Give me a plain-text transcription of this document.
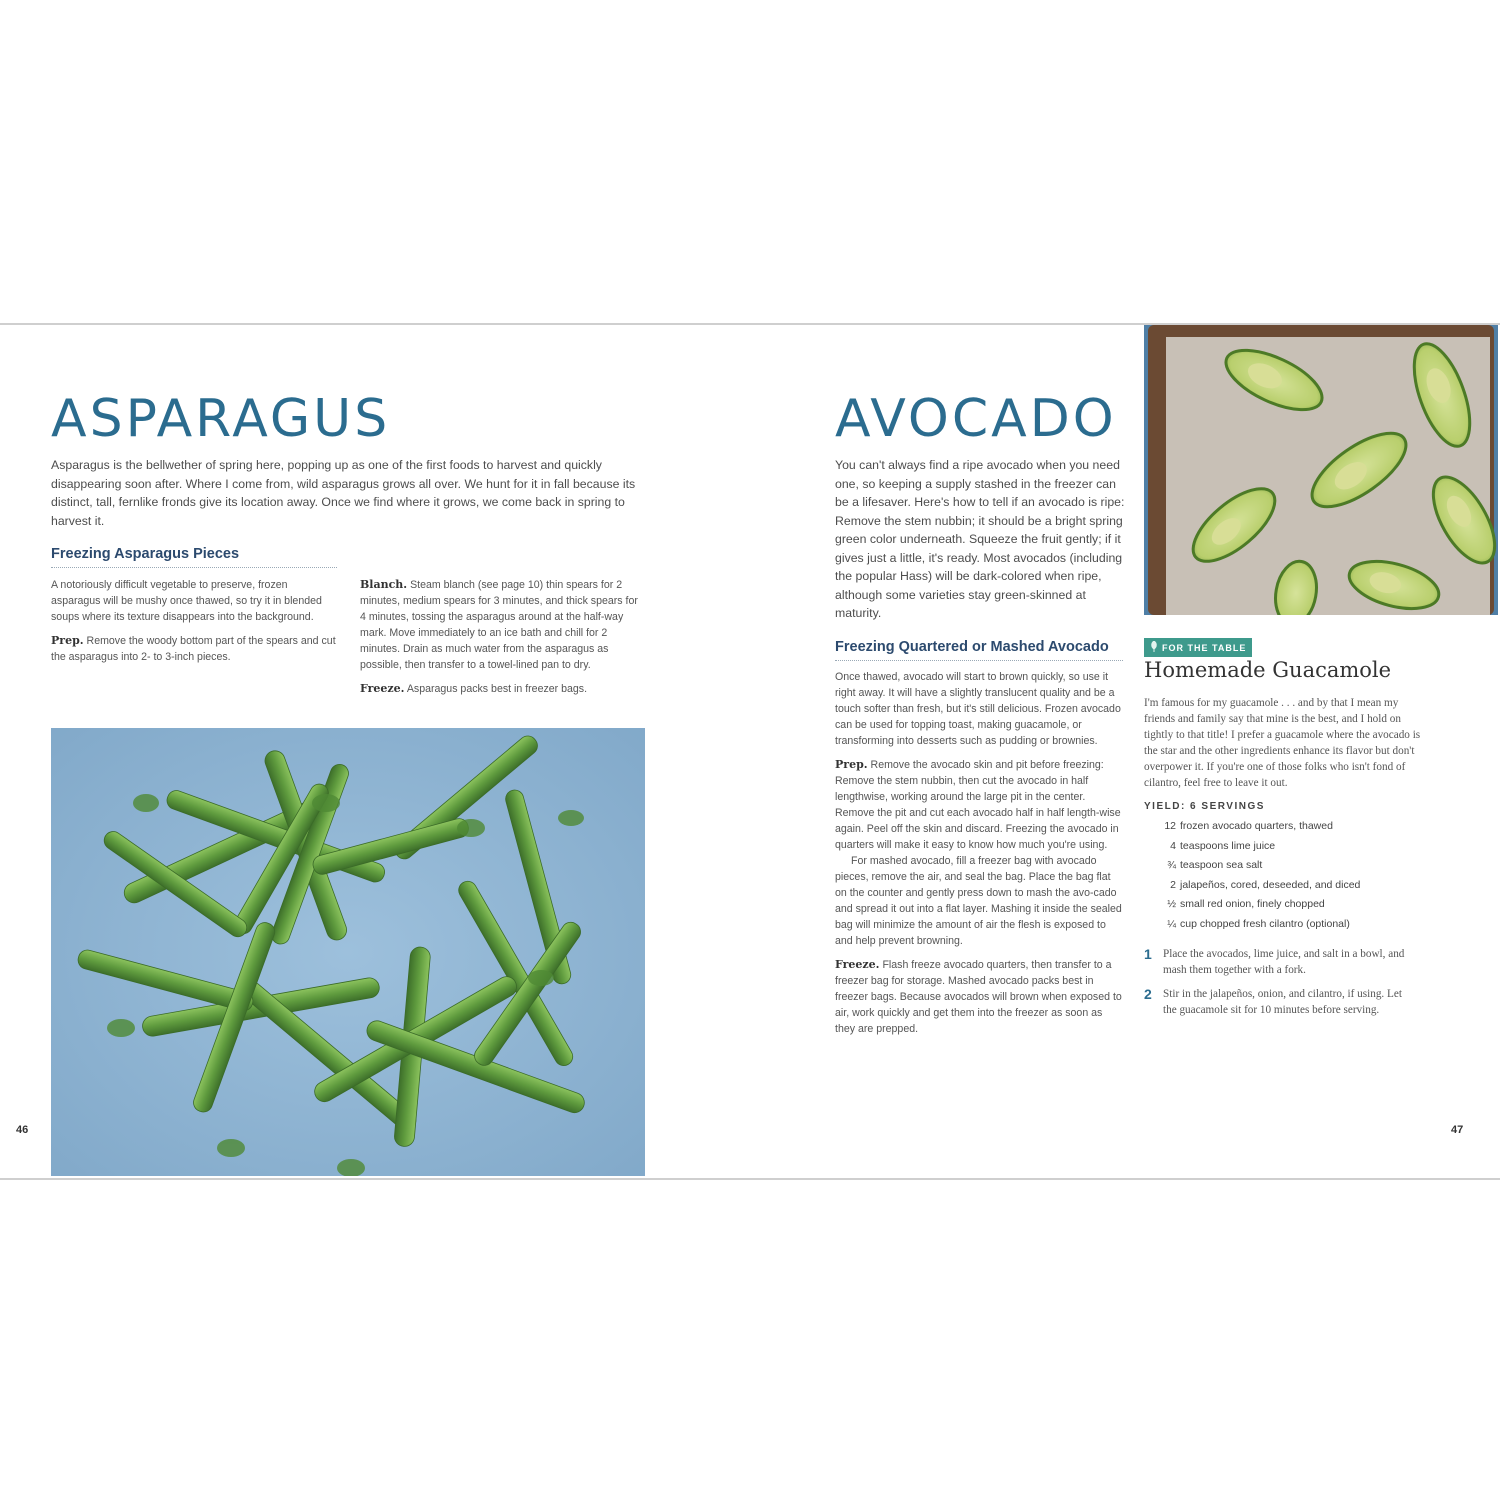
ASPARAGUS

Asparagus is the bellwether of spring here, popping up as one of the first foods to harvest and quickly disappearing soon after. Where I come from, wild asparagus grows all over. We hunt for it in fall because its distinct, tall, fernlike fronds give its location away. Once we find where it grows, we come back in spring to harvest it.

Freezing Asparagus Pieces

A notoriously difficult vegetable to preserve, frozen asparagus will be mushy once thawed, so try it in blended soups where its texture disappears into the background.

Prep. Remove the woody bottom part of the spears and cut the asparagus into 2- to 3-inch pieces.

Blanch. Steam blanch (see page 10) thin spears for 2 minutes, medium spears for 3 minutes, and thick spears for 4 minutes, tossing the asparagus around at the half-way mark. Move immediately to an ice bath and chill for 2 minutes. Drain as much water from the asparagus as possible, then transfer to a towel-lined pan to dry.

Freeze. Asparagus packs best in freezer bags.

46
AVOCADO

You can't always find a ripe avocado when you need one, so keeping a supply stashed in the freezer can be a lifesaver. Here's how to tell if an avocado is ripe: Remove the stem nubbin; it should be a bright spring green color underneath. Squeeze the fruit gently; if it gives just a little, it's ready. Most avocados (including the popular Hass) will be dark-colored when ripe, although some varieties stay green-skinned at maturity.

Freezing Quartered or Mashed Avocado

Once thawed, avocado will start to brown quickly, so use it right away. It will have a slightly translucent quality and be a touch softer than fresh, but it's still delicious. Frozen avocado can be used for topping toast, making guacamole, or transforming into desserts such as pudding or brownies.

Prep. Remove the avocado skin and pit before freezing: Remove the stem nubbin, then cut the avocado in half lengthwise, working around the large pit in the center. Remove the pit and cut each avocado half in half length-wise again. Peel off the skin and discard. Freezing the avocado in quarters will make it easy to know how much you're using.

For mashed avocado, fill a freezer bag with avocado pieces, remove the air, and seal the bag. Place the bag flat on the counter and gently press down to mash the avo-cado and spread it out into a flat layer. Mashing it inside the sealed bag will minimize the amount of air the flesh is exposed to and help prevent browning.

Freeze. Flash freeze avocado quarters, then transfer to a freezer bag for storage. Mashed avocado packs best in freezer bags. Because avocados will brown when exposed to air, work quickly and get them into the freezer as soon as they are prepped.

FOR THE TABLE
Homemade Guacamole

I'm famous for my guacamole . . . and by that I mean my friends and family say that mine is the best, and I hold on tightly to that title! I prefer a guacamole where the avocado is the star and the other ingredients enhance its flavor but don't overpower it. If you're one of those folks who isn't fond of cilantro, feel free to leave it out.

YIELD: 6 SERVINGS
12 frozen avocado quarters, thawed
4 teaspoons lime juice
¾ teaspoon sea salt
2 jalapeños, cored, deseeded, and diced
½ small red onion, finely chopped
¼ cup chopped fresh cilantro (optional)
1	Place the avocados, lime juice, and salt in a bowl, and mash them together with a fork.
2	Stir in the jalapeños, onion, and cilantro, if using. Let the guacamole sit for 10 minutes before serving.
47
